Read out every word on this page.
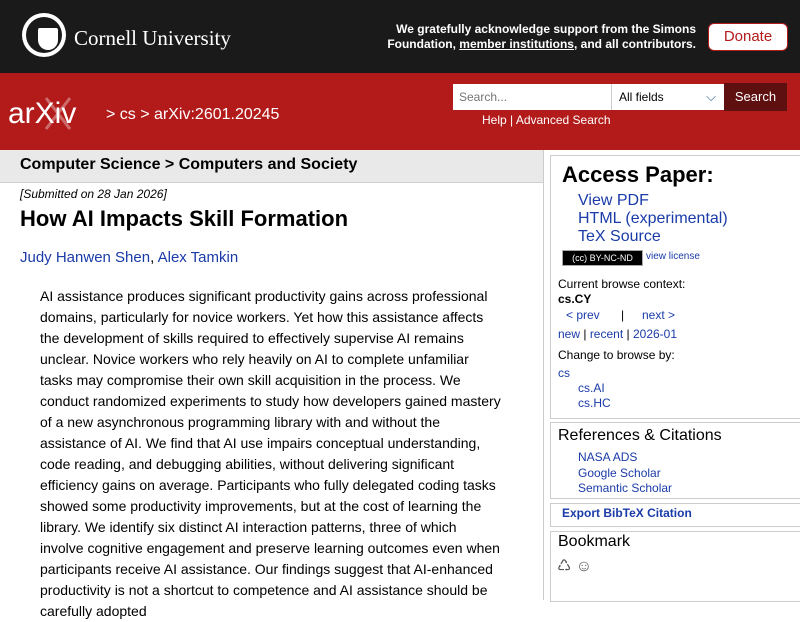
Cornell University	We gratefully acknowledge support from the Simons
Foundation, member institutions, and all contributors.	Donate
arXiv > cs > arXiv:2601.20245
Search...
All fields	⌵	Search
Help | Advanced Search
Computer Science > Computers and Society
[Submitted on 28 Jan 2026]
How AI Impacts Skill Formation
Judy Hanwen Shen, Alex Tamkin
AI assistance produces significant productivity gains across professional domains, particularly for novice workers. Yet how this assistance affects the development of skills required to effectively supervise AI remains unclear. Novice workers who rely heavily on AI to complete unfamiliar tasks may compromise their own skill acquisition in the process. We conduct randomized experiments to study how developers gained mastery of a new asynchronous programming library with and without the assistance of AI. We find that AI use impairs conceptual understanding, code reading, and debugging abilities, without delivering significant efficiency gains on average. Participants who fully delegated coding tasks showed some productivity improvements, but at the cost of learning the library. We identify six distinct AI interaction patterns, three of which involve cognitive engagement and preserve learning outcomes even when participants receive AI assistance. Our findings suggest that AI-enhanced productivity is not a shortcut to competence and AI assistance should be carefully adopted
Access Paper:
View PDF
HTML (experimental)
TeX Source
(cc) BY-NC-ND	view license
Current browse context:
cs.CY
< prev | next >
new | recent | 2026-01
Change to browse by:
cs
cs.AI
cs.HC
References & Citations
NASA ADS
Google Scholar
Semantic Scholar
Export BibTeX Citation
Bookmark
♺ ☺
